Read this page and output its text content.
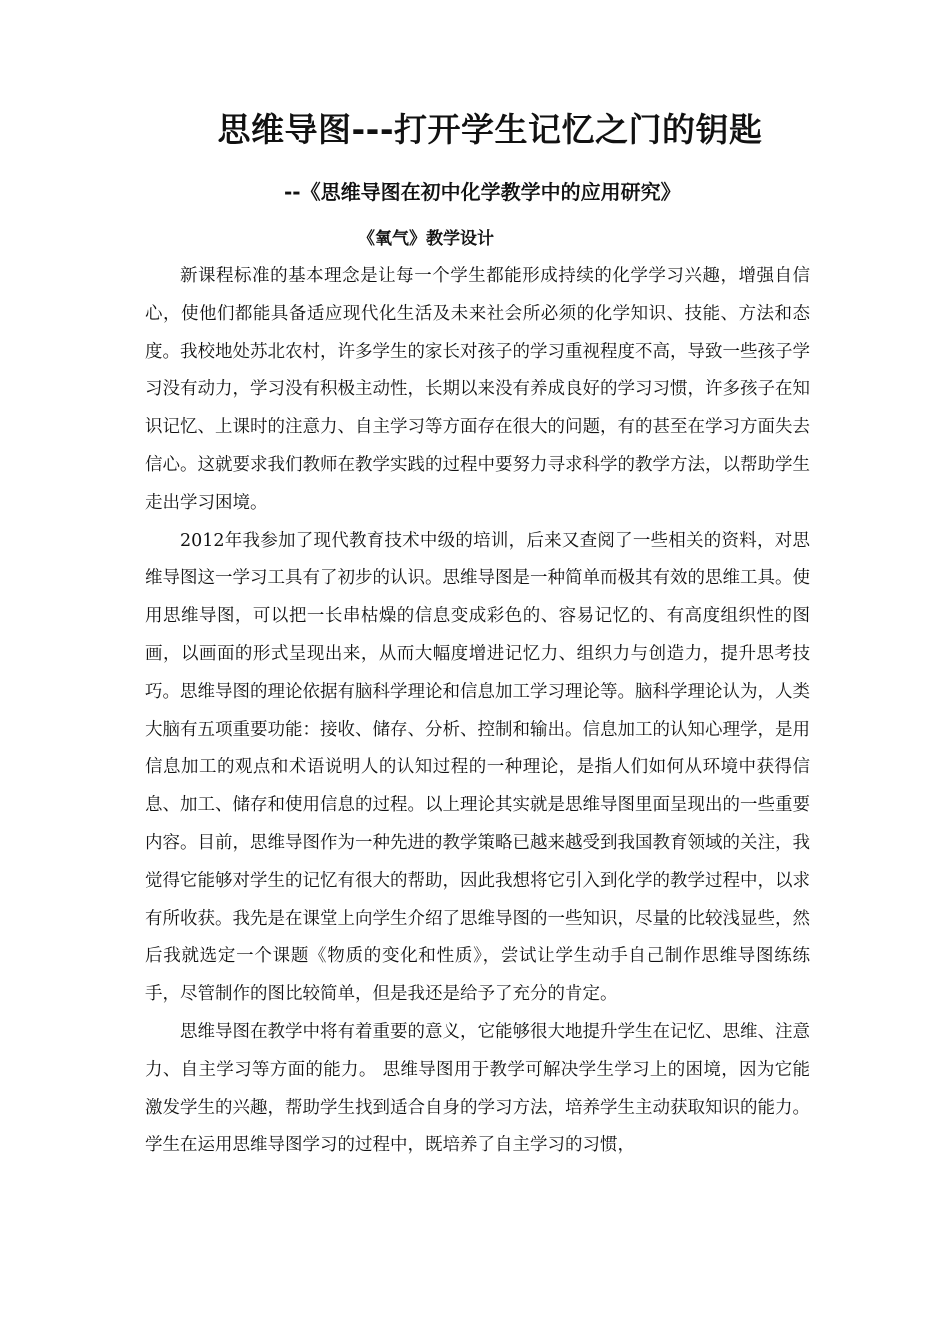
思维导图---打开学生记忆之门的钥匙
--《思维导图在初中化学教学中的应用研究》
《氧气》教学设计

新课程标准的基本理念是让每一个学生都能形成持续的化学学习兴趣，增强自信心，使他们都能具备适应现代化生活及未来社会所必须的化学知识、技能、方法和态度。我校地处苏北农村，许多学生的家长对孩子的学习重视程度不高，导致一些孩子学习没有动力，学习没有积极主动性，长期以来没有养成良好的学习习惯，许多孩子在知识记忆、上课时的注意力、自主学习等方面存在很大的问题，有的甚至在学习方面失去信心。这就要求我们教师在教学实践的过程中要努力寻求科学的教学方法，以帮助学生走出学习困境。

2012年我参加了现代教育技术中级的培训，后来又查阅了一些相关的资料，对思维导图这一学习工具有了初步的认识。思维导图是一种简单而极其有效的思维工具。使用思维导图，可以把一长串枯燥的信息变成彩色的、容易记忆的、有高度组织性的图画，以画面的形式呈现出来，从而大幅度增进记忆力、组织力与创造力，提升思考技巧。思维导图的理论依据有脑科学理论和信息加工学习理论等。脑科学理论认为，人类大脑有五项重要功能：接收、储存、分析、控制和输出。信息加工的认知心理学，是用信息加工的观点和术语说明人的认知过程的一种理论，是指人们如何从环境中获得信息、加工、储存和使用信息的过程。以上理论其实就是思维导图里面呈现出的一些重要内容。目前，思维导图作为一种先进的教学策略已越来越受到我国教育领域的关注，我觉得它能够对学生的记忆有很大的帮助，因此我想将它引入到化学的教学过程中，以求有所收获。我先是在课堂上向学生介绍了思维导图的一些知识，尽量的比较浅显些，然后我就选定一个课题《物质的变化和性质》，尝试让学生动手自己制作思维导图练练手，尽管制作的图比较简单，但是我还是给予了充分的肯定。

思维导图在教学中将有着重要的意义，它能够很大地提升学生在记忆、思维、注意力、自主学习等方面的能力。 思维导图用于教学可解决学生学习上的困境，因为它能激发学生的兴趣，帮助学生找到适合自身的学习方法，培养学生主动获取知识的能力。学生在运用思维导图学习的过程中，既培养了自主学习的习惯，
